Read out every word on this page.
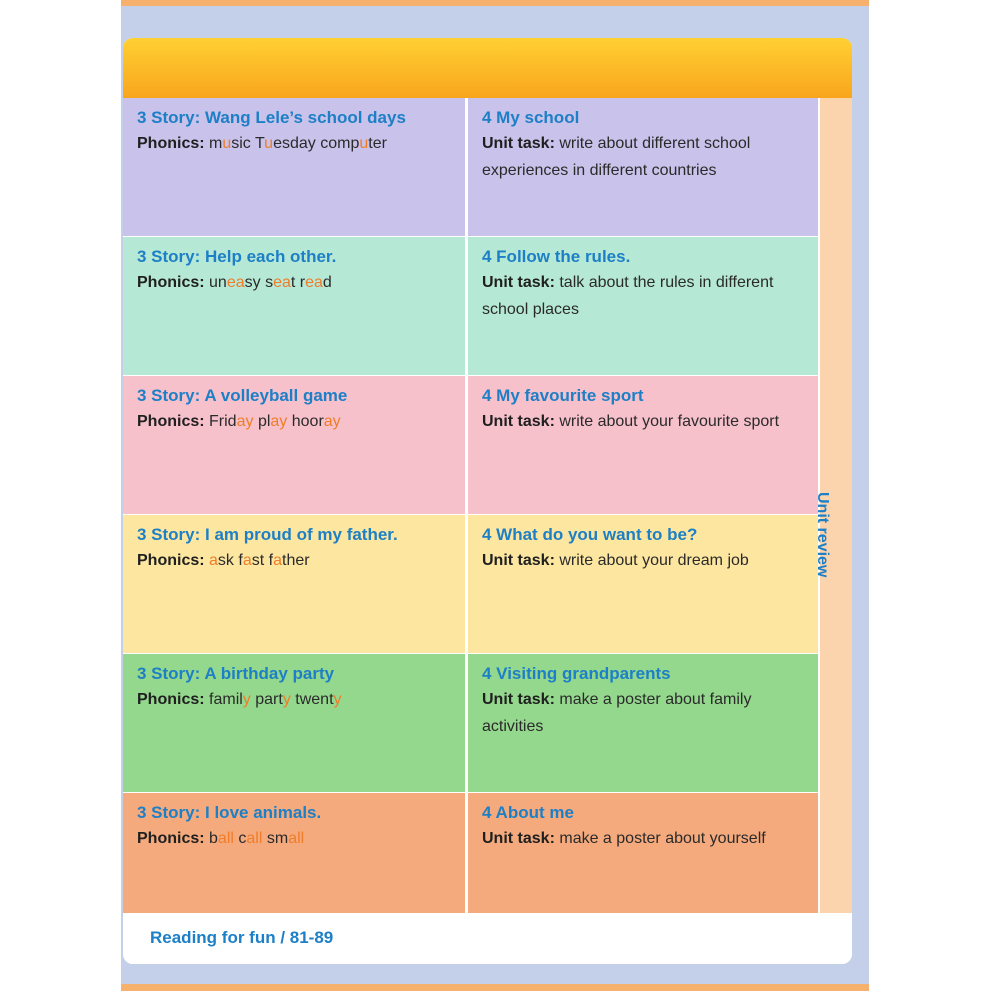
3 Story: Wang Lele’s school days
Phonics: music Tuesday computer
4 My school
Unit task: write about different school experiences in different countries
3 Story: Help each other.
Phonics: uneasy seat read
4 Follow the rules.
Unit task: talk about the rules in different school places
3 Story: A volleyball game
Phonics: Friday play hooray
4 My favourite sport
Unit task: write about your favourite sport
3 Story: I am proud of my father.
Phonics: ask fast father
4 What do you want to be?
Unit task: write about your dream job
3 Story: A birthday party
Phonics: family party twenty
4 Visiting grandparents
Unit task: make a poster about family activities
3 Story: I love animals.
Phonics: ball call small
4 About me
Unit task: make a poster about yourself
Unit review
Reading for fun / 81-89
